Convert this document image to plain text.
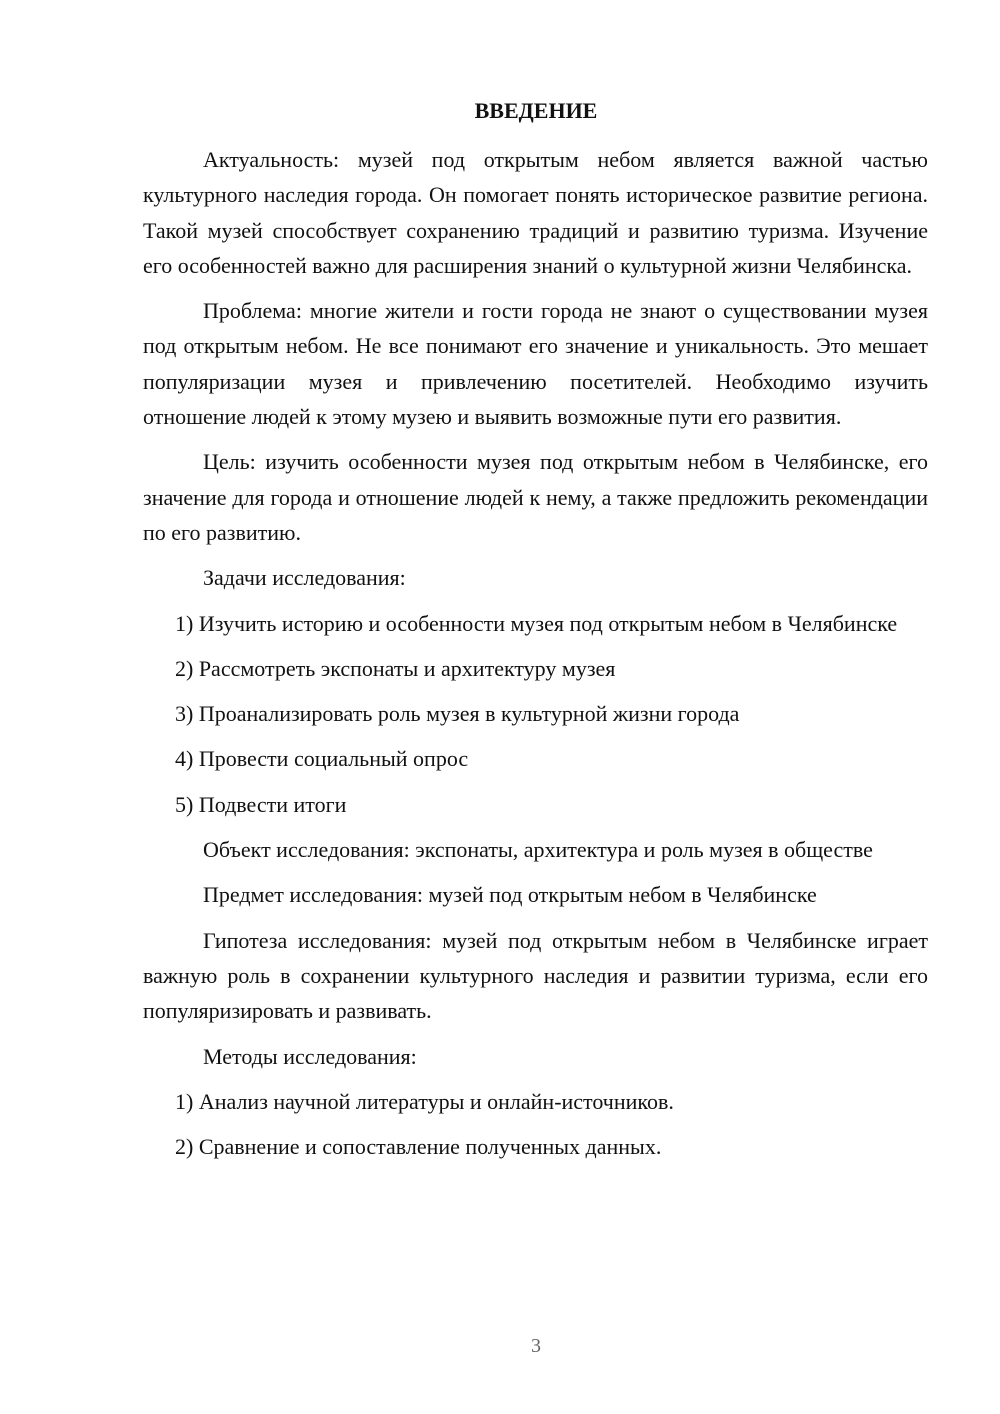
ВВЕДЕНИЕ

Актуальность: музей под открытым небом является важной частью культурного наследия города. Он помогает понять историческое развитие региона. Такой музей способствует сохранению традиций и развитию туризма. Изучение его особенностей важно для расширения знаний о культурной жизни Челябинска.

Проблема: многие жители и гости города не знают о существовании музея под открытым небом. Не все понимают его значение и уникальность. Это мешает популяризации музея и привлечению посетителей. Необходимо изучить отношение людей к этому музею и выявить возможные пути его развития.

Цель: изучить особенности музея под открытым небом в Челябинске, его значение для города и отношение людей к нему, а также предложить рекомендации по его развитию.

Задачи исследования:

1) Изучить историю и особенности музея под открытым небом в Челябинске

2) Рассмотреть экспонаты и архитектуру музея

3) Проанализировать роль музея в культурной жизни города

4) Провести социальный опрос

5) Подвести итоги

Объект исследования: экспонаты, архитектура и роль музея в обществе

Предмет исследования: музей под открытым небом в Челябинске

Гипотеза исследования: музей под открытым небом в Челябинске играет важную роль в сохранении культурного наследия и развитии туризма, если его популяризировать и развивать.

Методы исследования:

1) Анализ научной литературы и онлайн-источников.

2) Сравнение и сопоставление полученных данных.

3
